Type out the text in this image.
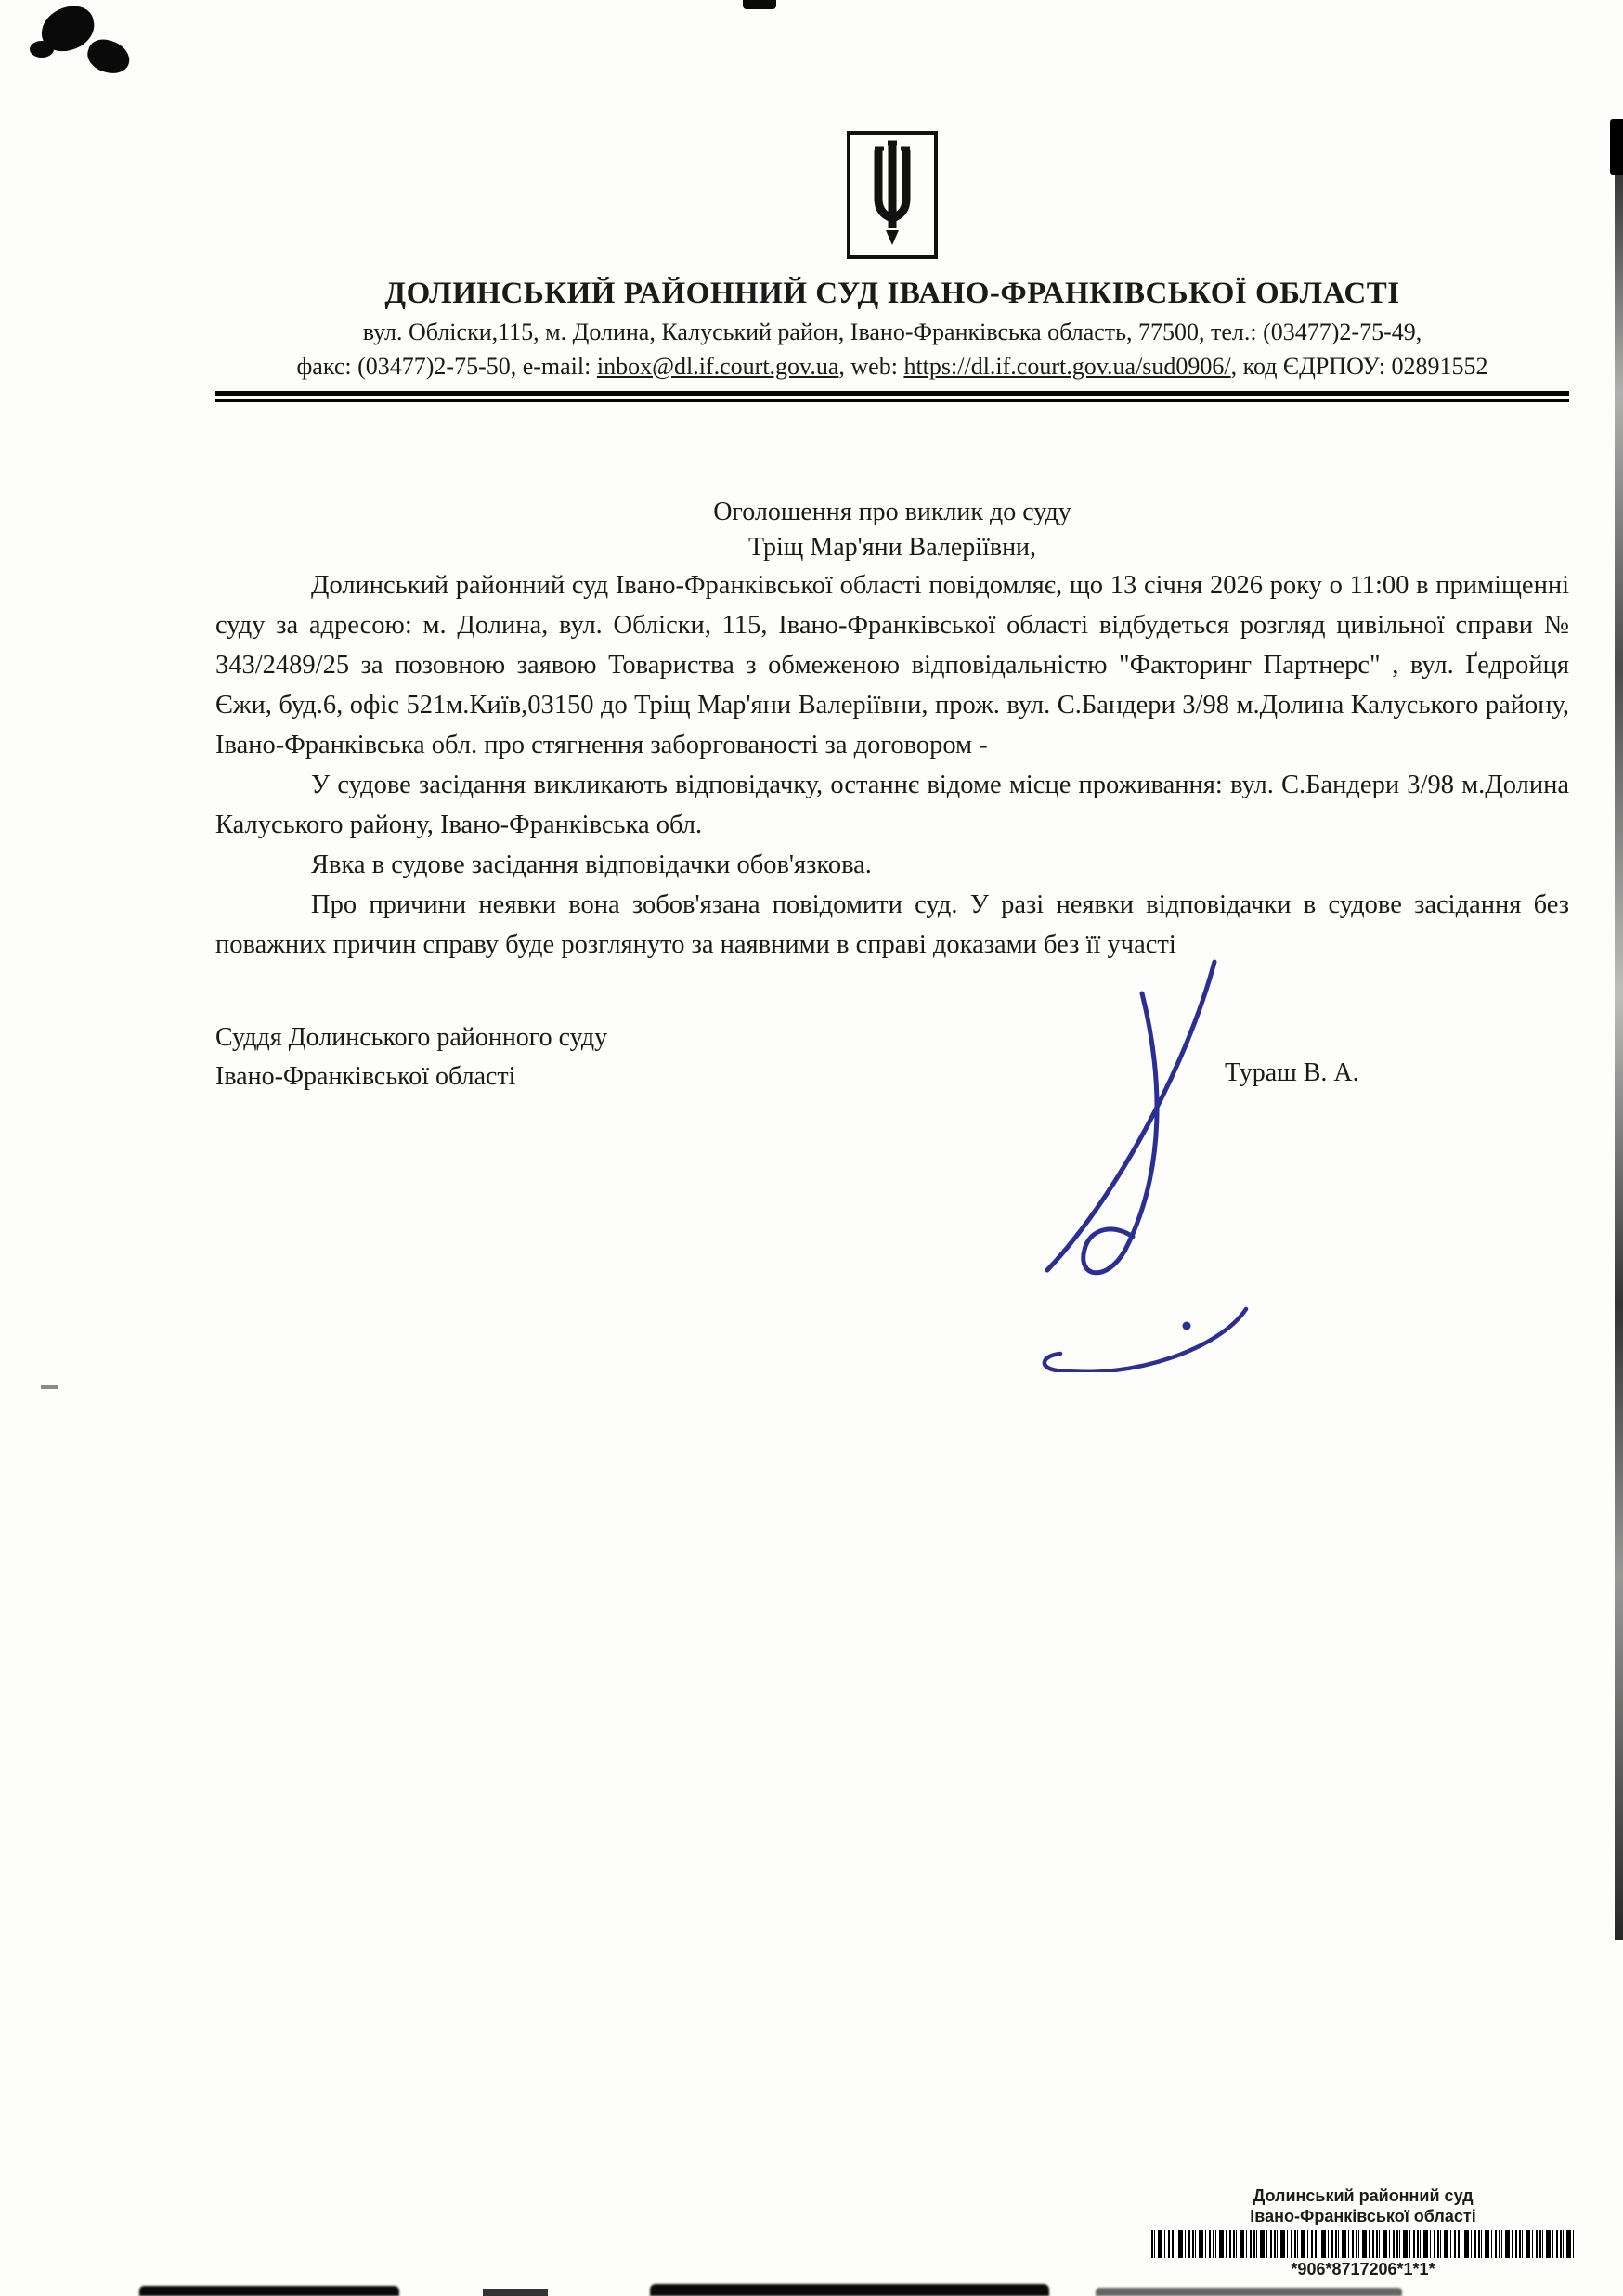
ДОЛИНСЬКИЙ РАЙОННИЙ СУД ІВАНО-ФРАНКІВСЬКОЇ ОБЛАСТІ
вул. Обліски,115, м. Долина, Калуський район, Івано-Франківська область, 77500, тел.: (03477)2-75-49,
факс: (03477)2-75-50, e-mail: inbox@dl.if.court.gov.ua, web: https://dl.if.court.gov.ua/sud0906/, код ЄДРПОУ: 02891552
Оголошення про виклик до суду
Тріщ Мар'яни Валеріївни,

Долинський районний суд Івано-Франківської області повідомляє, що 13 січня 2026 року о 11:00 в приміщенні суду за адресою: м. Долина, вул. Обліски, 115, Івано-Франківської області відбудеться розгляд цивільної справи № 343/2489/25 за позовною заявою Товариства з обмеженою відповідальністю "Факторинг Партнерс" , вул. Ґедройця Єжи, буд.6, офіс 521м.Київ,03150 до Тріщ Мар'яни Валеріївни, прож. вул. С.Бандери 3/98 м.Долина Калуського району, Івано-Франківська обл. про стягнення заборгованості за договором -

У судове засідання викликають відповідачку, останнє відоме місце проживання: вул. С.Бандери 3/98 м.Долина Калуського району, Івано-Франківська обл.

Явка в судове засідання відповідачки обов'язкова.

Про причини неявки вона зобов'язана повідомити суд. У разі неявки відповідачки в судове засідання без поважних причин справу буде розглянуто за наявними в справі доказами без її участі

Суддя Долинського районного суду
Івано-Франківської області	Тураш В. А.
Долинський районний суд
Івано-Франківської області
*906*8717206*1*1*
